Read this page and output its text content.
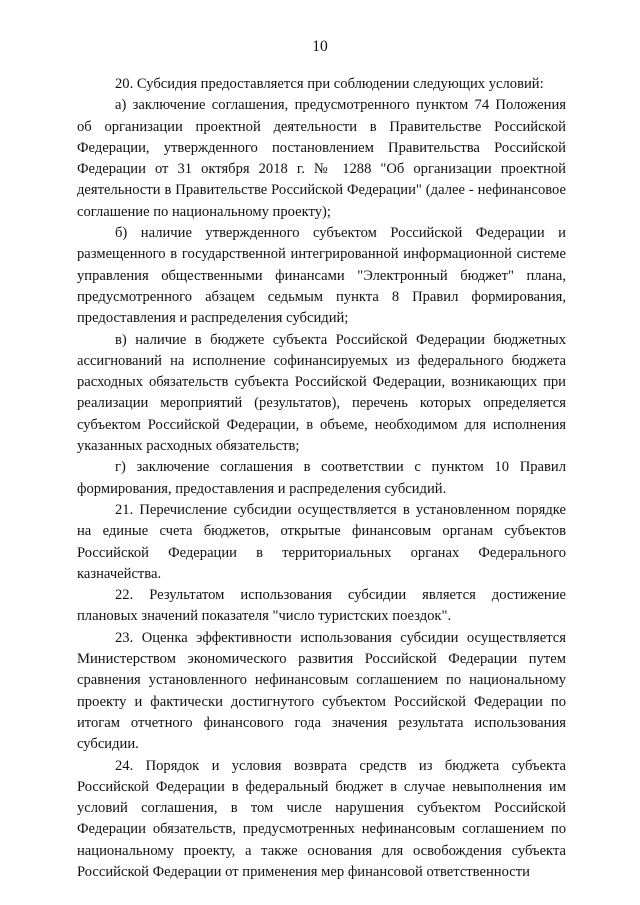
10

20. Субсидия предоставляется при соблюдении следующих условий:

а) заключение соглашения, предусмотренного пунктом 74 Положения об организации проектной деятельности в Правительстве Российской Федерации, утвержденного постановлением Правительства Российской Федерации от 31 октября 2018 г. № 1288 "Об организации проектной деятельности в Правительстве Российской Федерации" (далее - нефинансовое соглашение по национальному проекту);

б) наличие утвержденного субъектом Российской Федерации и размещенного в государственной интегрированной информационной системе управления общественными финансами "Электронный бюджет" плана, предусмотренного абзацем седьмым пункта 8 Правил формирования, предоставления и распределения субсидий;

в) наличие в бюджете субъекта Российской Федерации бюджетных ассигнований на исполнение софинансируемых из федерального бюджета расходных обязательств субъекта Российской Федерации, возникающих при реализации мероприятий (результатов), перечень которых определяется субъектом Российской Федерации, в объеме, необходимом для исполнения указанных расходных обязательств;

г) заключение соглашения в соответствии с пунктом 10 Правил формирования, предоставления и распределения субсидий.

21. Перечисление субсидии осуществляется в установленном порядке на единые счета бюджетов, открытые финансовым органам субъектов Российской Федерации в территориальных органах Федерального казначейства.

22. Результатом использования субсидии является достижение плановых значений показателя "число туристских поездок".

23. Оценка эффективности использования субсидии осуществляется Министерством экономического развития Российской Федерации путем сравнения установленного нефинансовым соглашением по национальному проекту и фактически достигнутого субъектом Российской Федерации по итогам отчетного финансового года значения результата использования субсидии.

24. Порядок и условия возврата средств из бюджета субъекта Российской Федерации в федеральный бюджет в случае невыполнения им условий соглашения, в том числе нарушения субъектом Российской Федерации обязательств, предусмотренных нефинансовым соглашением по национальному проекту, а также основания для освобождения субъекта Российской Федерации от применения мер финансовой ответственности
